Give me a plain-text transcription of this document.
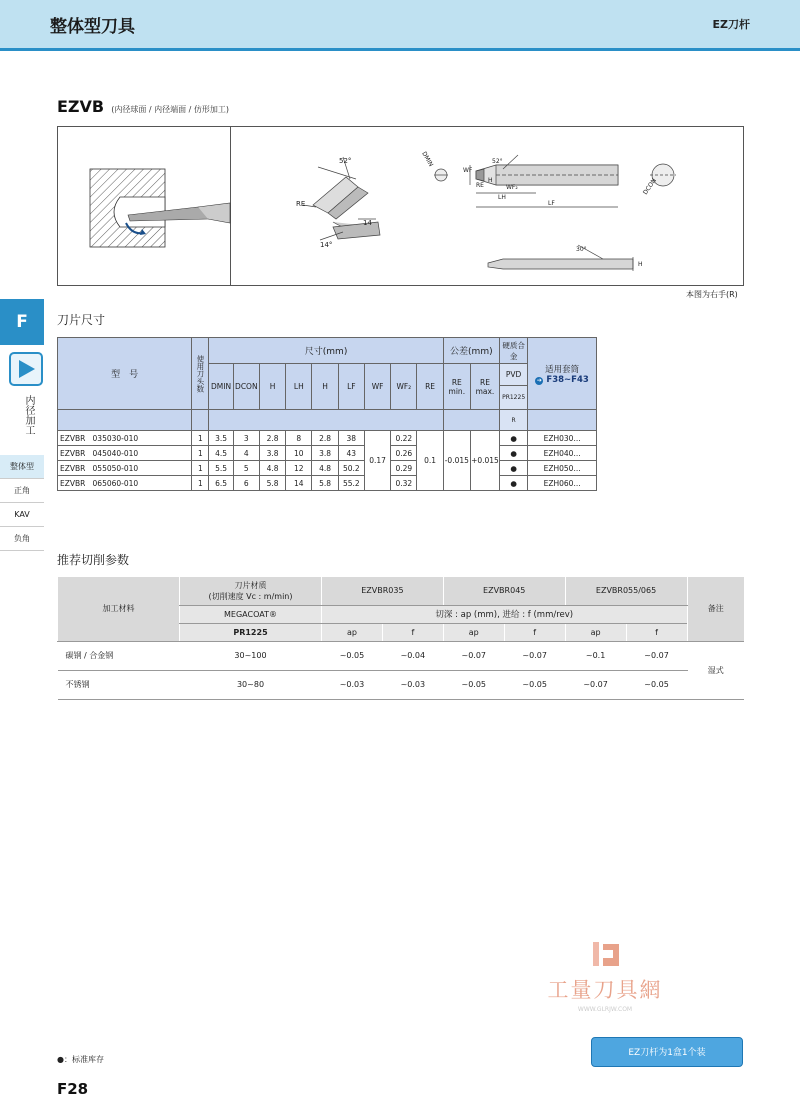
整体型刀具	EZ刀杆
EZVB (内径球面 / 内径端面 / 仿形加工)
52°
RE
14
14°
DMIN
WF
52°
RE	WF₂
H
LH
LF
DCON
30°
H
本图为右手(R)
F
内径加工
整体型
正角
KAV
负角
刀片尺寸
型　号	使用刀头数	尺寸(mm)									公差(mm)		硬质合金	适用套筒
➔ F38~F43

		DMIN	DCON	H	LH	H	LF	WF	WF₂	RE	RE min.	RE max.	PVD	
													PR1225	
													R	
EZVBR 035030-010	1	3.5	3	2.8	8	2.8	38	0.17	0.22	0.1	-0.015	+0.015	●	EZH030...
EZVBR 045040-010	1	4.5	4	3.8	10	3.8	43		0.26				●	EZH040...
EZVBR 055050-010	1	5.5	5	4.8	12	4.8	50.2		0.29				●	EZH050...
EZVBR 065060-010	1	6.5	6	5.8	14	5.8	55.2		0.32				●	EZH060...
推荐切削参数
加工材料	刀片材质
(切削速度 Vc : m/min)	EZVBR035		EZVBR045		EZVBR055/065		备注
	MEGACOAT®	切深 : ap (mm), 进给 : f (mm/rev)						
	PR1225	ap	f	ap	f	ap	f	
碳钢 / 合金钢	30~100	~0.05	~0.04	~0.07	~0.07	~0.1	~0.07	湿式
不锈钢	30~80	~0.03	~0.03	~0.05	~0.05	~0.07	~0.05	
工量刀具網
WWW.GLRJW.COM
●：标准库存
EZ刀杆为1盒1个装
F28
